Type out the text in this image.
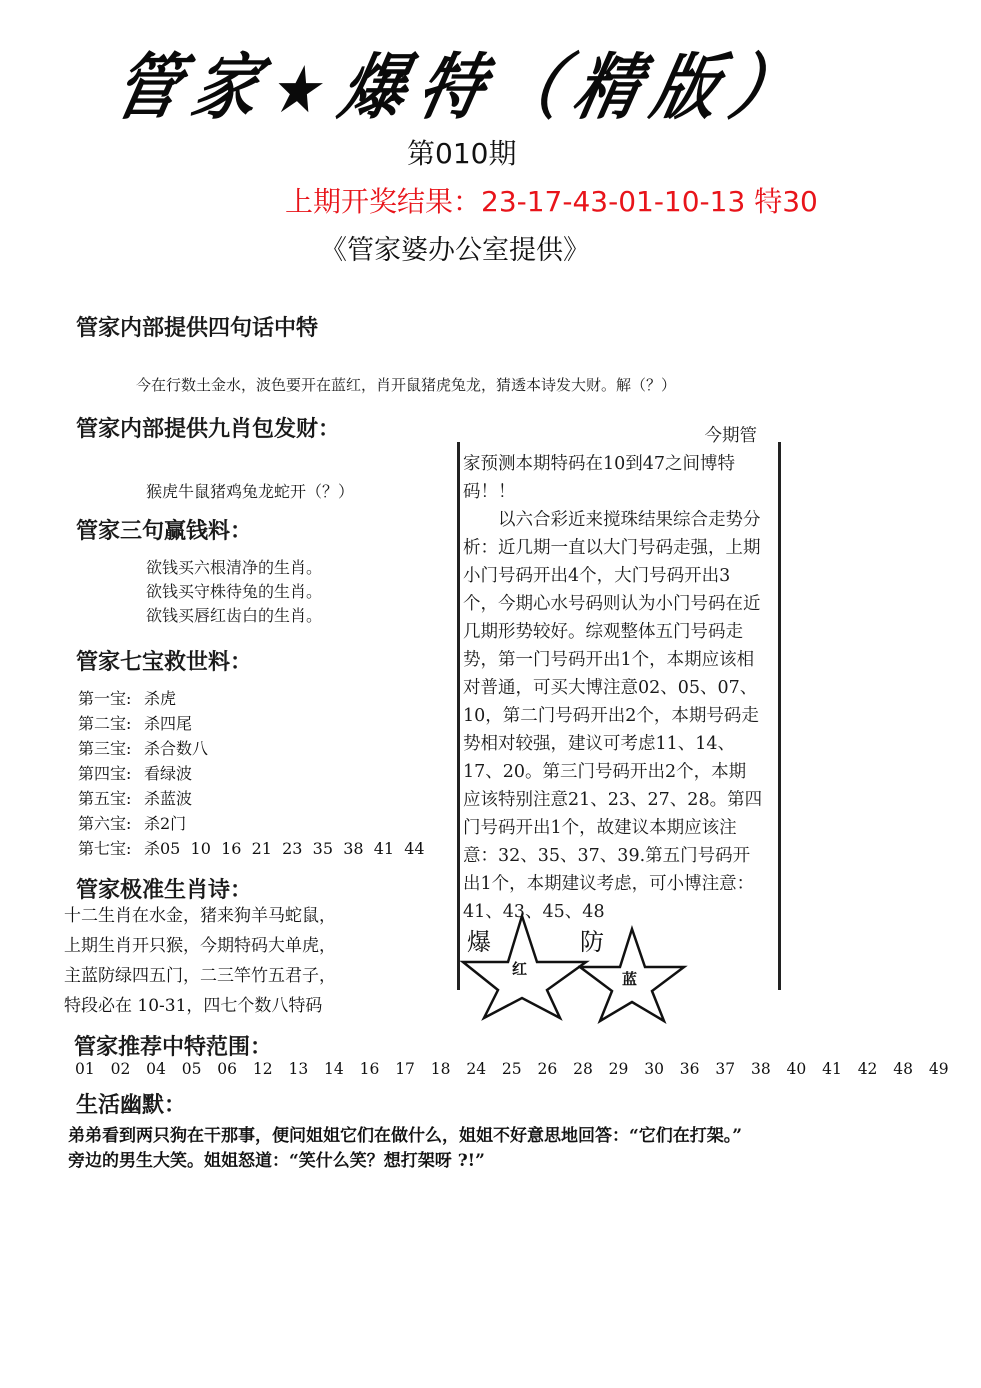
管家★爆特（精版）
第010期
上期开奖结果：23-17-43-01-10-13 特30
《管家婆办公室提供》
管家内部提供四句话中特
今在行数土金水，波色要开在蓝红，肖开鼠猪虎兔龙，猜透本诗发大财。解（？）
管家内部提供九肖包发财：
猴虎牛鼠猪鸡兔龙蛇开（？）
管家三句赢钱料：
欲钱买六根清净的生肖。
欲钱买守株待兔的生肖。
欲钱买唇红齿白的生肖。
管家七宝救世料：
第一宝: 杀虎
第二宝: 杀四尾
第三宝: 杀合数八
第四宝: 看绿波
第五宝: 杀蓝波
第六宝: 杀2门
第七宝: 杀05  10  16  21  23  35  38  41  44
管家极准生肖诗：
十二生肖在水金，猪来狗羊马蛇鼠，
上期生肖开只猴，今期特码大单虎，
主蓝防绿四五门，二三竿竹五君子，
特段必在 10-31，四七个数八特码

今期管

家预测本期特码在10到47之间博特码！！

以六合彩近来搅珠结果综合走势分析：近几期一直以大门号码走强，上期小门号码开出4个，大门号码开出3个，今期心水号码则认为小门号码在近几期形势较好。综观整体五门号码走势，第一门号码开出1个，本期应该相对普通，可买大博注意02、05、07、10，第二门号码开出2个，本期号码走势相对较强，建议可考虑11、14、17、20。第三门号码开出2个，本期应该特别注意21、23、27、28。第四门号码开出1个，故建议本期应该注意：32、35、37、39.第五门号码开出1个，本期建议考虑，可小博注意：41、43、45、48

爆
红
防
蓝
管家推荐中特范围：
01  02  04  05  06  12  13  14  16  17  18  24  25  26  28  29  30  36  37  38  40  41  42  48  49
生活幽默：
弟弟看到两只狗在干那事，便问姐姐它们在做什么，姐姐不好意思地回答：“它们在打架。”
旁边的男生大笑。姐姐怒道：“笑什么笑？想打架呀 ?!”
